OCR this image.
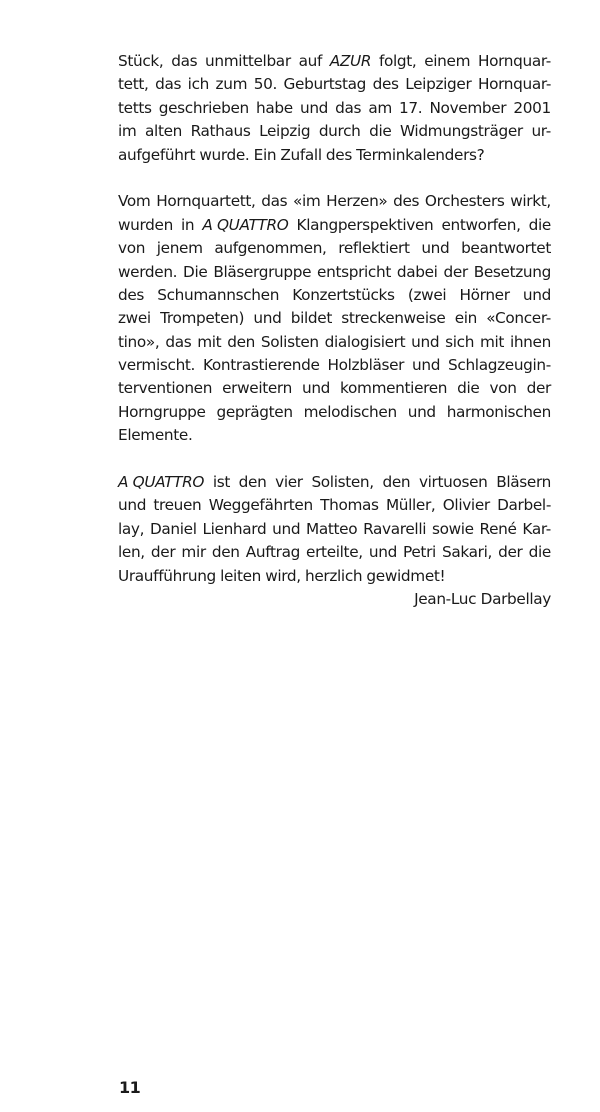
Stück, das unmittelbar auf AZUR folgt, einem Hornquar-
tett, das ich zum 50. Geburtstag des Leipziger Hornquar-
tetts geschrieben habe und das am 17. November 2001
im alten Rathaus Leipzig durch die Widmungsträger ur-
aufgeführt wurde. Ein Zufall des Terminkalenders?
Vom Hornquartett, das «im Herzen» des Orchesters wirkt,
wurden in A QUATTRO Klangperspektiven entworfen, die
von jenem aufgenommen, reflektiert und beantwortet
werden. Die Bläsergruppe entspricht dabei der Besetzung
des Schumannschen Konzertstücks (zwei Hörner und
zwei Trompeten) und bildet streckenweise ein «Concer-
tino», das mit den Solisten dialogisiert und sich mit ihnen
vermischt. Kontrastierende Holzbläser und Schlagzeugin-
terventionen erweitern und kommentieren die von der
Horngruppe geprägten melodischen und harmonischen
Elemente.
A QUATTRO ist den vier Solisten, den virtuosen Bläsern
und treuen Weggefährten Thomas Müller, Olivier Darbel-
lay, Daniel Lienhard und Matteo Ravarelli sowie René Kar-
len, der mir den Auftrag erteilte, und Petri Sakari, der die
Uraufführung leiten wird, herzlich gewidmet!
Jean-Luc Darbellay
11
